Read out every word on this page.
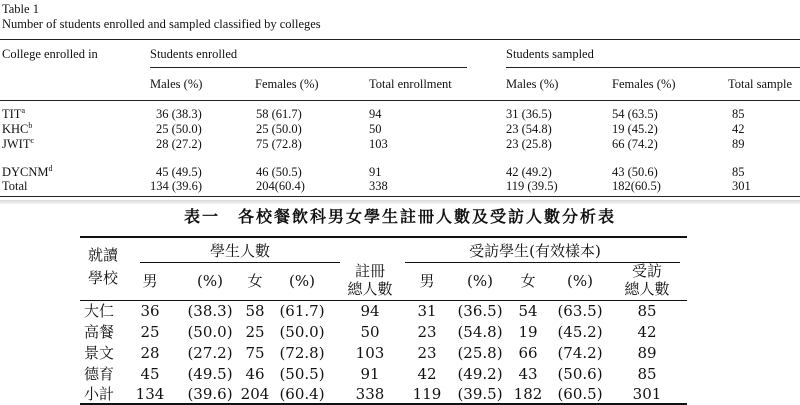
Table 1
Number of students enrolled and sampled classified by colleges
College enrolled in	Students enrolled	Students sampled
Males (%)	Females (%)	Total enrollment	Males (%)	Females (%)	Total sample
TIT$^a$	36 (38.3)	58 (61.7)	94	31 (36.5)	54 (63.5)	85
KHC$^b$	25 (50.0)	25 (50.0)	50	23 (54.8)	19 (45.2)	42
JWIT$^c$	28 (27.2)	75 (72.8)	103	23 (25.8)	66 (74.2)	89
DYCNM$^d$	45 (49.5)	46 (50.5)	91	42 (49.2)	43 (50.6)	85
Total	134 (39.6)	204(60.4)	338	119 (39.5)	182(60.5)	301
表一　各校餐飲科男女學生註冊人數及受訪人數分析表
就讀
學校
學生人數	受訪學生(有效樣本)
男	(%)	女	(%)
註冊
總人數	男	(%)	女	(%)
受訪
總人數
大仁	36	(38.3) 58 (61.7)	94	31	(36.5)	54	(63.5)	85
高餐	25	(50.0) 25 (50.0)	50	23	(54.8)	19	(45.2)	42
景文	28	(27.2) 75 (72.8)	103	23	(25.8)	66	(74.2)	89
德育	45	(49.5) 46 (50.5)	91	42	(49.2)	43	(50.6)	85
小計 134	(39.6) 204 (60.4)	338	119	(39.5) 182	(60.5)	301
